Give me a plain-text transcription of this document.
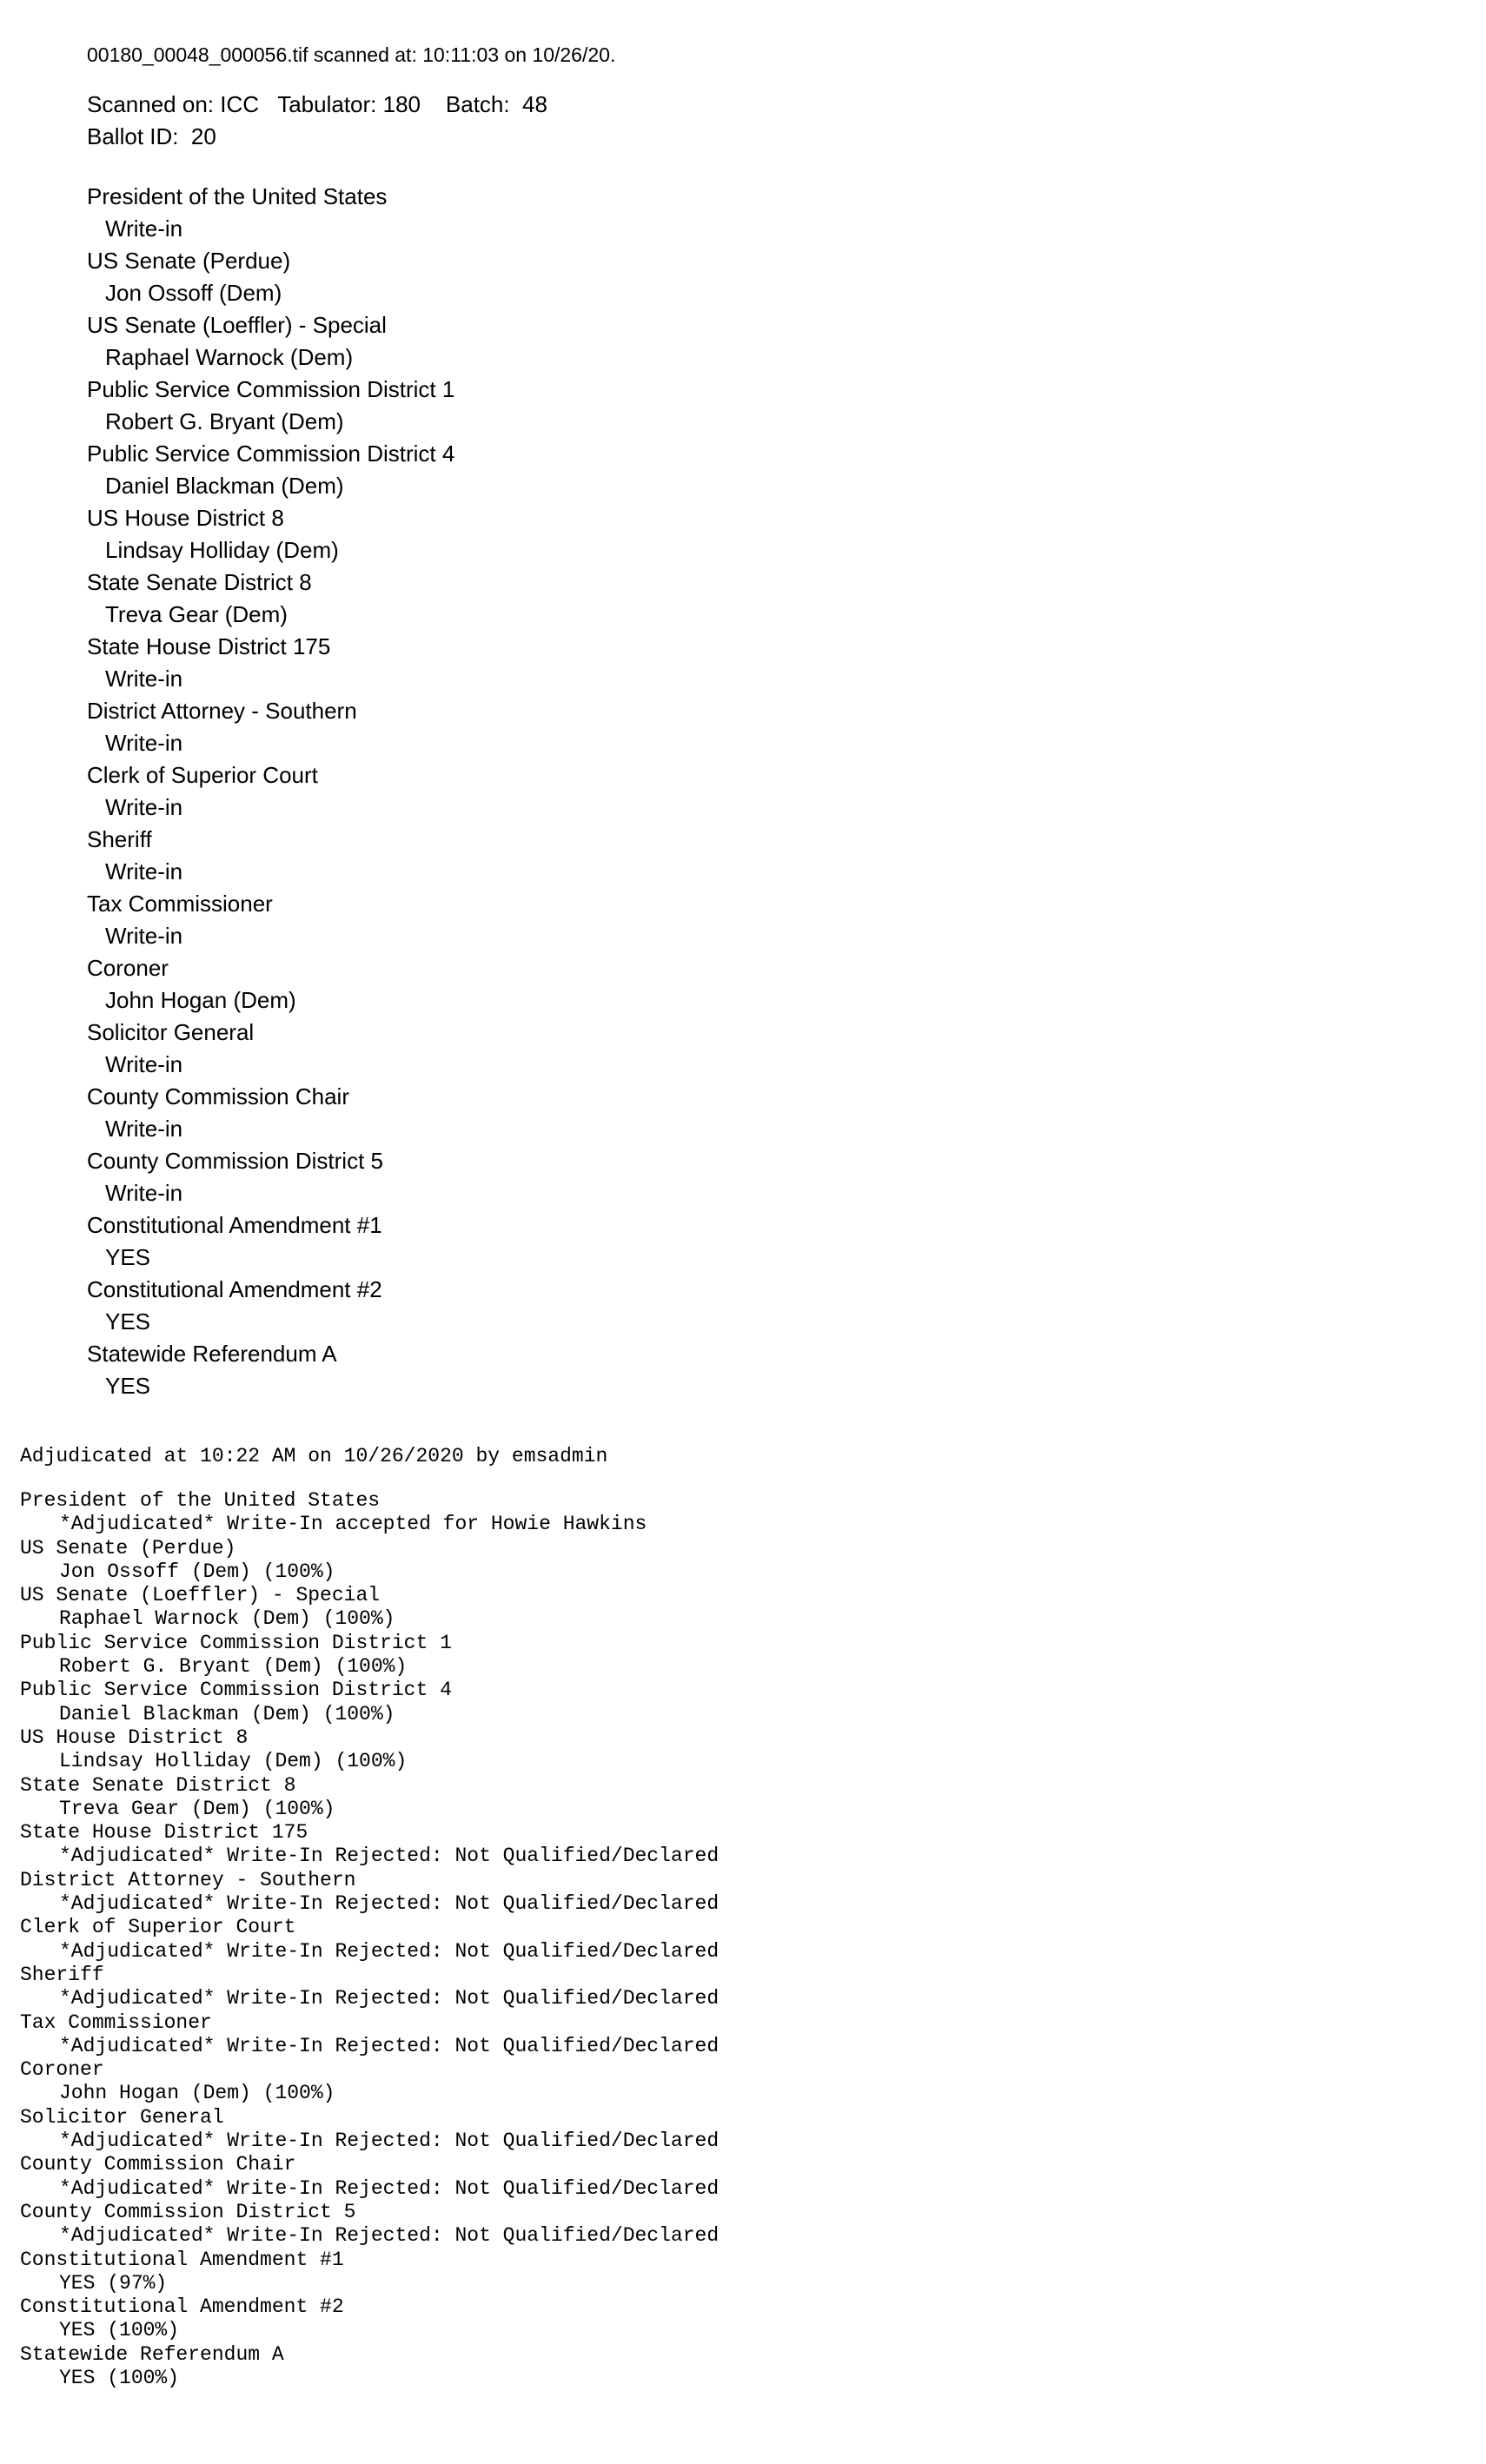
00180_00048_000056.tif scanned at: 10:11:03 on 10/26/20.
Scanned on: ICC   Tabulator: 180    Batch:  48
Ballot ID:  20
President of the United States
Write-in
US Senate (Perdue)
Jon Ossoff (Dem)
US Senate (Loeffler) - Special
Raphael Warnock (Dem)
Public Service Commission District 1
Robert G. Bryant (Dem)
Public Service Commission District 4
Daniel Blackman (Dem)
US House District 8
Lindsay Holliday (Dem)
State Senate District 8
Treva Gear (Dem)
State House District 175
Write-in
District Attorney - Southern
Write-in
Clerk of Superior Court
Write-in
Sheriff
Write-in
Tax Commissioner
Write-in
Coroner
John Hogan (Dem)
Solicitor General
Write-in
County Commission Chair
Write-in
County Commission District 5
Write-in
Constitutional Amendment #1
YES
Constitutional Amendment #2
YES
Statewide Referendum A
YES
Adjudicated at 10:22 AM on 10/26/2020 by emsadmin
President of the United States
*Adjudicated* Write-In accepted for Howie Hawkins
US Senate (Perdue)
Jon Ossoff (Dem) (100%)
US Senate (Loeffler) - Special
Raphael Warnock (Dem) (100%)
Public Service Commission District 1
Robert G. Bryant (Dem) (100%)
Public Service Commission District 4
Daniel Blackman (Dem) (100%)
US House District 8
Lindsay Holliday (Dem) (100%)
State Senate District 8
Treva Gear (Dem) (100%)
State House District 175
*Adjudicated* Write-In Rejected: Not Qualified/Declared
District Attorney - Southern
*Adjudicated* Write-In Rejected: Not Qualified/Declared
Clerk of Superior Court
*Adjudicated* Write-In Rejected: Not Qualified/Declared
Sheriff
*Adjudicated* Write-In Rejected: Not Qualified/Declared
Tax Commissioner
*Adjudicated* Write-In Rejected: Not Qualified/Declared
Coroner
John Hogan (Dem) (100%)
Solicitor General
*Adjudicated* Write-In Rejected: Not Qualified/Declared
County Commission Chair
*Adjudicated* Write-In Rejected: Not Qualified/Declared
County Commission District 5
*Adjudicated* Write-In Rejected: Not Qualified/Declared
Constitutional Amendment #1
YES (97%)
Constitutional Amendment #2
YES (100%)
Statewide Referendum A
YES (100%)
